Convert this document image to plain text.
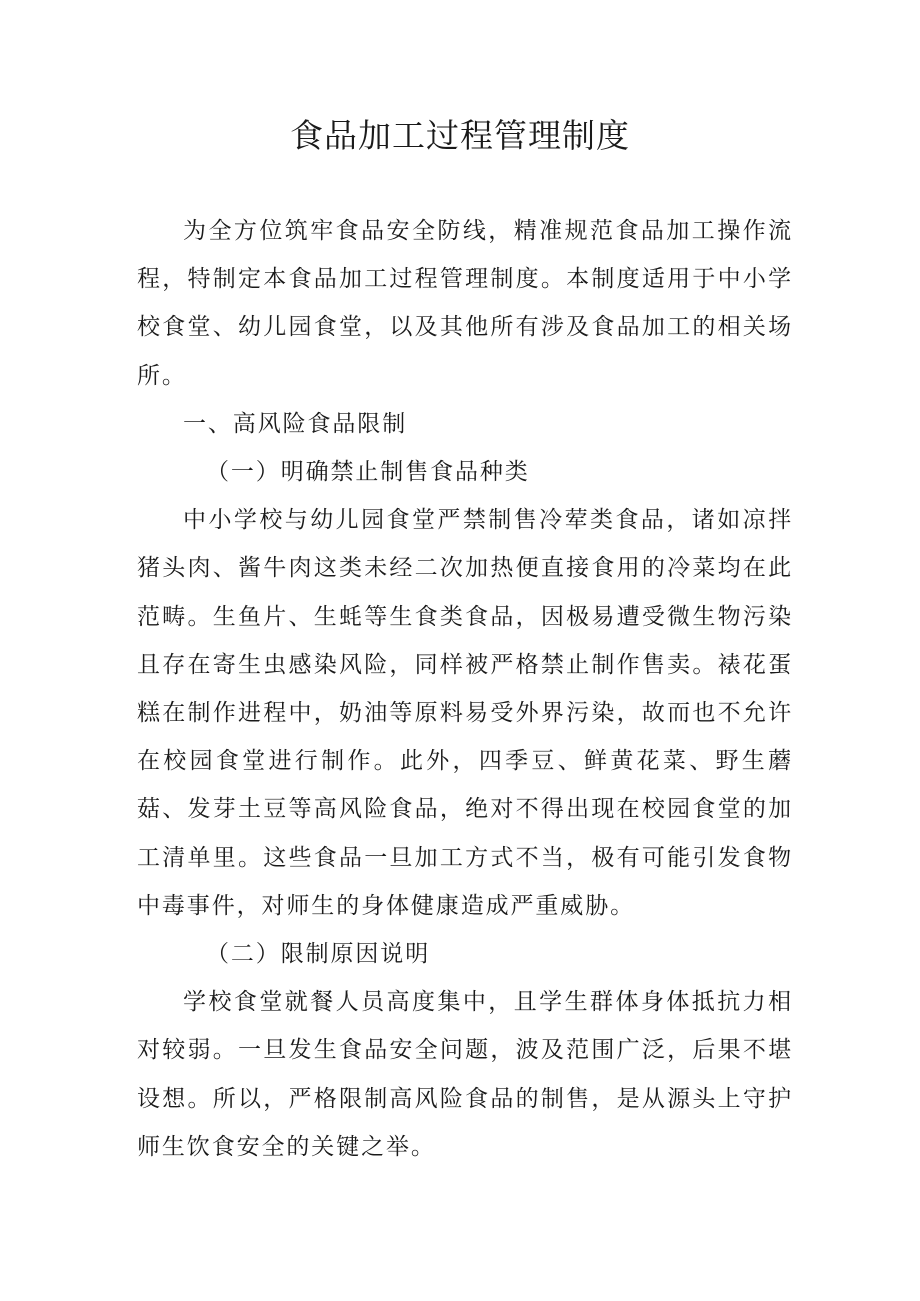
食品加工过程管理制度

为全方位筑牢食品安全防线，精准规范食品加工操作流程，特制定本食品加工过程管理制度。本制度适用于中小学校食堂、幼儿园食堂，以及其他所有涉及食品加工的相关场所。

一、高风险食品限制

（一）明确禁止制售食品种类

中小学校与幼儿园食堂严禁制售冷荤类食品，诸如凉拌猪头肉、酱牛肉这类未经二次加热便直接食用的冷菜均在此范畴。生鱼片、生蚝等生食类食品，因极易遭受微生物污染且存在寄生虫感染风险，同样被严格禁止制作售卖。裱花蛋糕在制作进程中，奶油等原料易受外界污染，故而也不允许在校园食堂进行制作。此外，四季豆、鲜黄花菜、野生蘑菇、发芽土豆等高风险食品，绝对不得出现在校园食堂的加工清单里。这些食品一旦加工方式不当，极有可能引发食物中毒事件，对师生的身体健康造成严重威胁。

（二）限制原因说明

学校食堂就餐人员高度集中，且学生群体身体抵抗力相对较弱。一旦发生食品安全问题，波及范围广泛，后果不堪设想。所以，严格限制高风险食品的制售，是从源头上守护师生饮食安全的关键之举。
